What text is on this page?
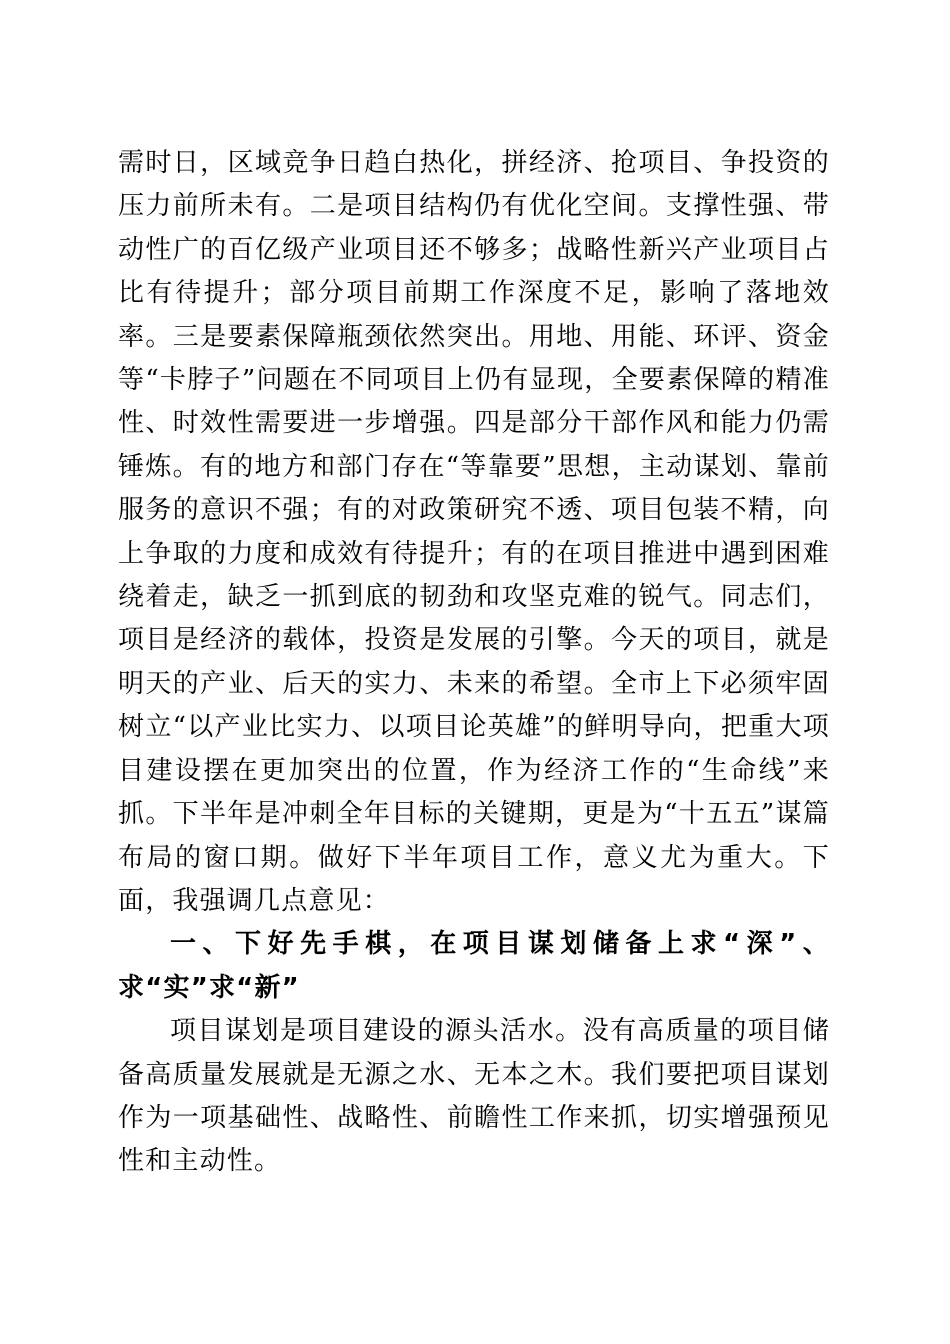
需时日，区域竞争日趋白热化，拼经济、抢项目、争投资的压力前所未有。二是项目结构仍有优化空间。支撑性强、带动性广的百亿级产业项目还不够多；战略性新兴产业项目占比有待提升；部分项目前期工作深度不足，影响了落地效率。三是要素保障瓶颈依然突出。用地、用能、环评、资金等“卡脖子”问题在不同项目上仍有显现，全要素保障的精准性、时效性需要进一步增强。四是部分干部作风和能力仍需锤炼。有的地方和部门存在“等靠要”思想，主动谋划、靠前服务的意识不强；有的对政策研究不透、项目包装不精，向上争取的力度和成效有待提升；有的在项目推进中遇到困难绕着走，缺乏一抓到底的韧劲和攻坚克难的锐气。同志们，项目是经济的载体，投资是发展的引擎。今天的项目，就是明天的产业、后天的实力、未来的希望。全市上下必须牢固树立“以产业比实力、以项目论英雄”的鲜明导向，把重大项目建设摆在更加突出的位置，作为经济工作的“生命线”来抓。下半年是冲刺全年目标的关键期，更是为“十五五”谋篇布局的窗口期。做好下半年项目工作，意义尤为重大。下面，我强调几点意见：

一、下好先手棋，在项目谋划储备上求“深”、求“实”求“新”

项目谋划是项目建设的源头活水。没有高质量的项目储备高质量发展就是无源之水、无本之木。我们要把项目谋划作为一项基础性、战略性、前瞻性工作来抓，切实增强预见性和主动性。
